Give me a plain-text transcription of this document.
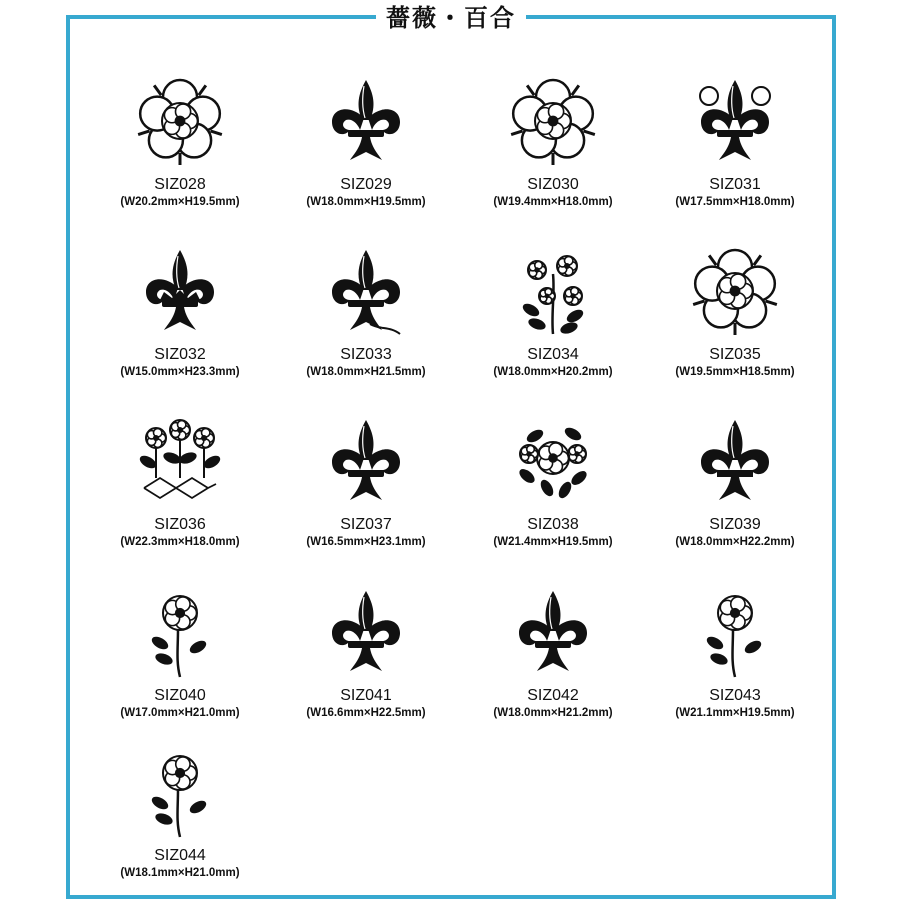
薔薇・百合
SIZ028
(W20.2mm×H19.5mm)
SIZ029
(W18.0mm×H19.5mm)
SIZ030
(W19.4mm×H18.0mm)
SIZ031
(W17.5mm×H18.0mm)
SIZ032
(W15.0mm×H23.3mm)
SIZ033
(W18.0mm×H21.5mm)
SIZ034
(W18.0mm×H20.2mm)
SIZ035
(W19.5mm×H18.5mm)
SIZ036
(W22.3mm×H18.0mm)
SIZ037
(W16.5mm×H23.1mm)
SIZ038
(W21.4mm×H19.5mm)
SIZ039
(W18.0mm×H22.2mm)
SIZ040
(W17.0mm×H21.0mm)
SIZ041
(W16.6mm×H22.5mm)
SIZ042
(W18.0mm×H21.2mm)
SIZ043
(W21.1mm×H19.5mm)
SIZ044
(W18.1mm×H21.0mm)
